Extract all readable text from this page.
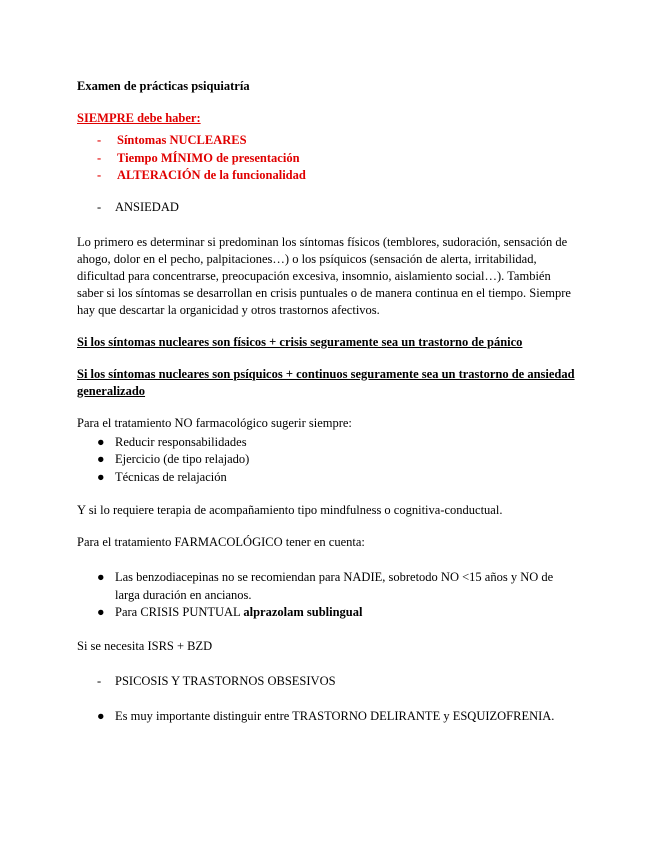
Examen de prácticas psiquiatría

SIEMPRE debe haber:

- Síntomas NUCLEARES
- Tiempo MÍNIMO de presentación
- ALTERACIÓN de la funcionalidad
- ANSIEDAD

Lo primero es determinar si predominan los síntomas físicos (temblores, sudoración, sensación de ahogo, dolor en el pecho, palpitaciones…) o los psíquicos (sensación de alerta, irritabilidad, dificultad para concentrarse, preocupación excesiva, insomnio, aislamiento social…). También saber si los síntomas se desarrollan en crisis puntuales o de manera continua en el tiempo. Siempre hay que descartar la organicidad y otros trastornos afectivos.

Si los síntomas nucleares son físicos + crisis seguramente sea un trastorno de pánico

Si los síntomas nucleares son psíquicos + continuos seguramente sea un trastorno de ansiedad generalizado

Para el tratamiento NO farmacológico sugerir siempre:

● Reducir responsabilidades
● Ejercicio (de tipo relajado)
● Técnicas de relajación

Y si lo requiere terapia de acompañamiento tipo mindfulness o cognitiva-conductual.

Para el tratamiento FARMACOLÓGICO tener en cuenta:

● Las benzodiacepinas no se recomiendan para NADIE, sobretodo NO <15 años y NO de larga duración en ancianos.
● Para CRISIS PUNTUAL alprazolam sublingual

Si se necesita ISRS + BZD

- PSICOSIS Y TRASTORNOS OBSESIVOS
● Es muy importante distinguir entre TRASTORNO DELIRANTE y ESQUIZOFRENIA.
